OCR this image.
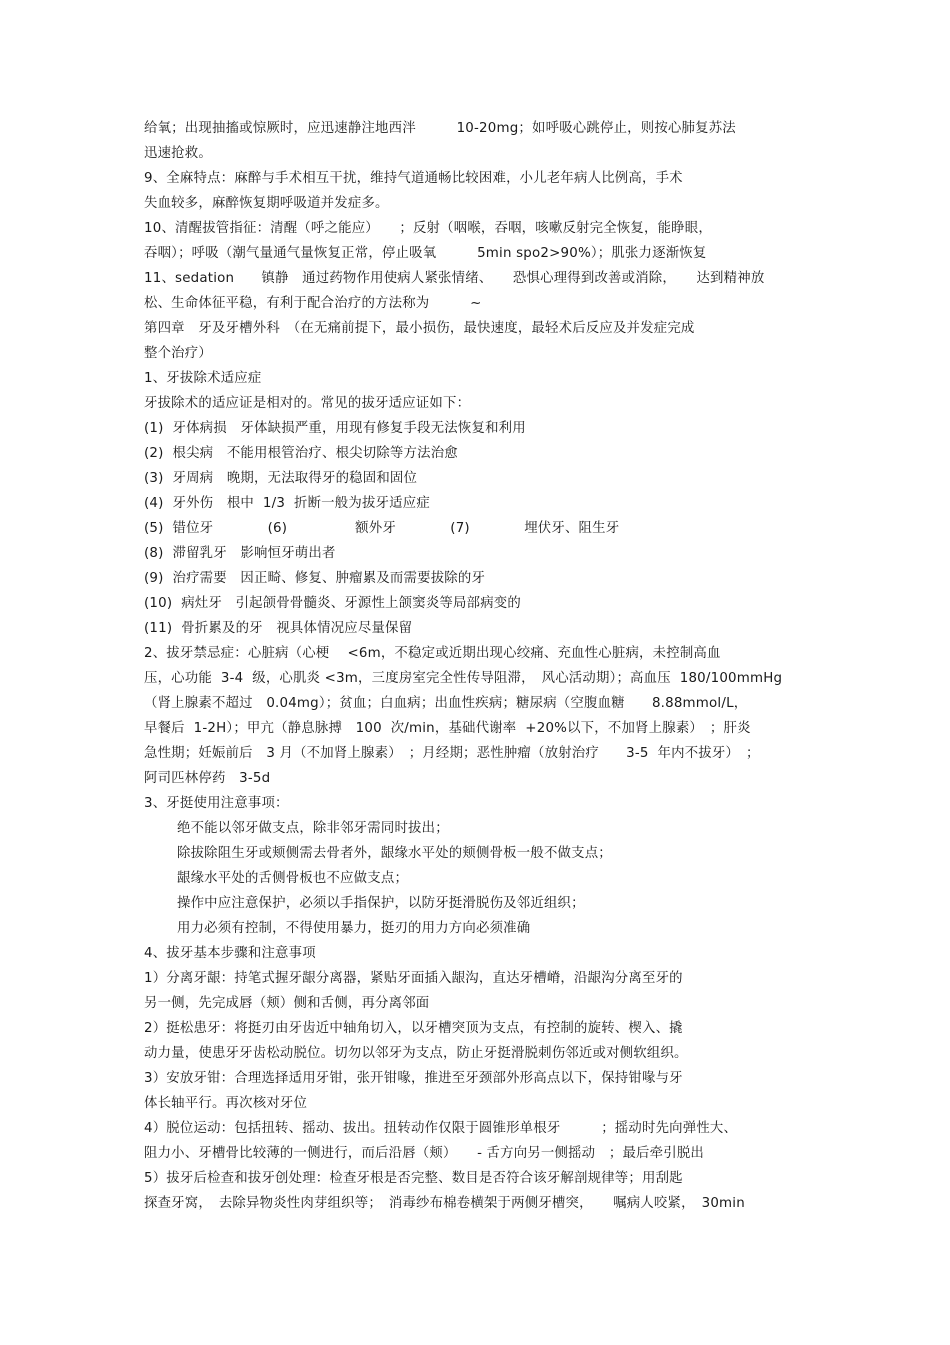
给氧；出现抽搐或惊厥时，应迅速静注地西泮　　　10-20mg；如呼吸心跳停止，则按心肺复苏法
迅速抢救。
9、全麻特点：麻醉与手术相互干扰，维持气道通畅比较困难，小儿老年病人比例高，手术
失血较多，麻醉恢复期呼吸道并发症多。
10、清醒拔管指征：清醒（呼之能应）　　；反射（咽喉，吞咽，咳嗽反射完全恢复，能睁眼，
吞咽）；呼吸（潮气量通气量恢复正常，停止吸氧　　　5min spo2>90%）；肌张力逐渐恢复
11、sedation　　镇静　通过药物作用使病人紧张情绪、　　恐惧心理得到改善或消除，　　达到精神放
松、生命体征平稳，有利于配合治疗的方法称为　　　~
第四章　牙及牙槽外科　（在无痛前提下，最小损伤，最快速度，最轻术后反应及并发症完成
整个治疗）
1、牙拔除术适应症
牙拔除术的适应证是相对的。常见的拔牙适应证如下：
(1)  牙体病损　牙体缺损严重，用现有修复手段无法恢复和利用
(2)  根尖病　不能用根管治疗、根尖切除等方法治愈
(3)  牙周病　晚期，无法取得牙的稳固和固位
(4)  牙外伤　根中  1/3  折断一般为拔牙适应症
(5)  错位牙　　　　(6)　　　　　额外牙　　　　(7)　　　　埋伏牙、阻生牙
(8)  滞留乳牙　影响恒牙萌出者
(9)  治疗需要　因正畸、修复、肿瘤累及而需要拔除的牙
(10)  病灶牙　引起颌骨骨髓炎、牙源性上颌窦炎等局部病变的
(11)  骨折累及的牙　视具体情况应尽量保留
2、拔牙禁忌症：心脏病（心梗　 <6m，不稳定或近期出现心绞痛、充血性心脏病，未控制高血
压，心功能  3-4  级，心肌炎 <3m，三度房室完全性传导阻滞，　风心活动期）；高血压  180/100mmHg
（肾上腺素不超过　0.04mg）；贫血；白血病；出血性疾病；糖尿病（空腹血糖　　8.88mmol/L，
早餐后  1-2H）；甲亢（静息脉搏　100  次/min，基础代谢率  +20%以下，不加肾上腺素）　；肝炎
急性期；妊娠前后　3 月（不加肾上腺素）　；月经期；恶性肿瘤（放射治疗　　3-5  年内不拔牙）　；
阿司匹林停药　3-5d
3、牙挺使用注意事项：
绝不能以邻牙做支点，除非邻牙需同时拔出；
除拔除阻生牙或颊侧需去骨者外，龈缘水平处的颊侧骨板一般不做支点；
龈缘水平处的舌侧骨板也不应做支点；
操作中应注意保护，必须以手指保护，以防牙挺滑脱伤及邻近组织；
用力必须有控制，不得使用暴力，挺刃的用力方向必须准确
4、拔牙基本步骤和注意事项
1）分离牙龈：持笔式握牙龈分离器，紧贴牙面插入龈沟，直达牙槽嵴，沿龈沟分离至牙的
另一侧，先完成唇（颊）侧和舌侧，再分离邻面
2）挺松患牙：将挺刃由牙齿近中轴角切入，以牙槽突顶为支点，有控制的旋转、楔入、撬
动力量，使患牙牙齿松动脱位。切勿以邻牙为支点，防止牙挺滑脱刺伤邻近或对侧软组织。
3）安放牙钳：合理选择适用牙钳，张开钳喙，推进至牙颈部外形高点以下，保持钳喙与牙
体长轴平行。再次核对牙位
4）脱位运动：包括扭转、摇动、拔出。扭转动作仅限于圆锥形单根牙　　　；摇动时先向弹性大、
阻力小、牙槽骨比较薄的一侧进行，而后沿唇（颊）　　- 舌方向另一侧摇动　；最后牵引脱出
5）拔牙后检查和拔牙创处理：检查牙根是否完整、数目是否符合该牙解剖规律等；用刮匙
探查牙窝，　去除异物炎性肉芽组织等；　消毒纱布棉卷横架于两侧牙槽突，　　嘱病人咬紧，　30min
